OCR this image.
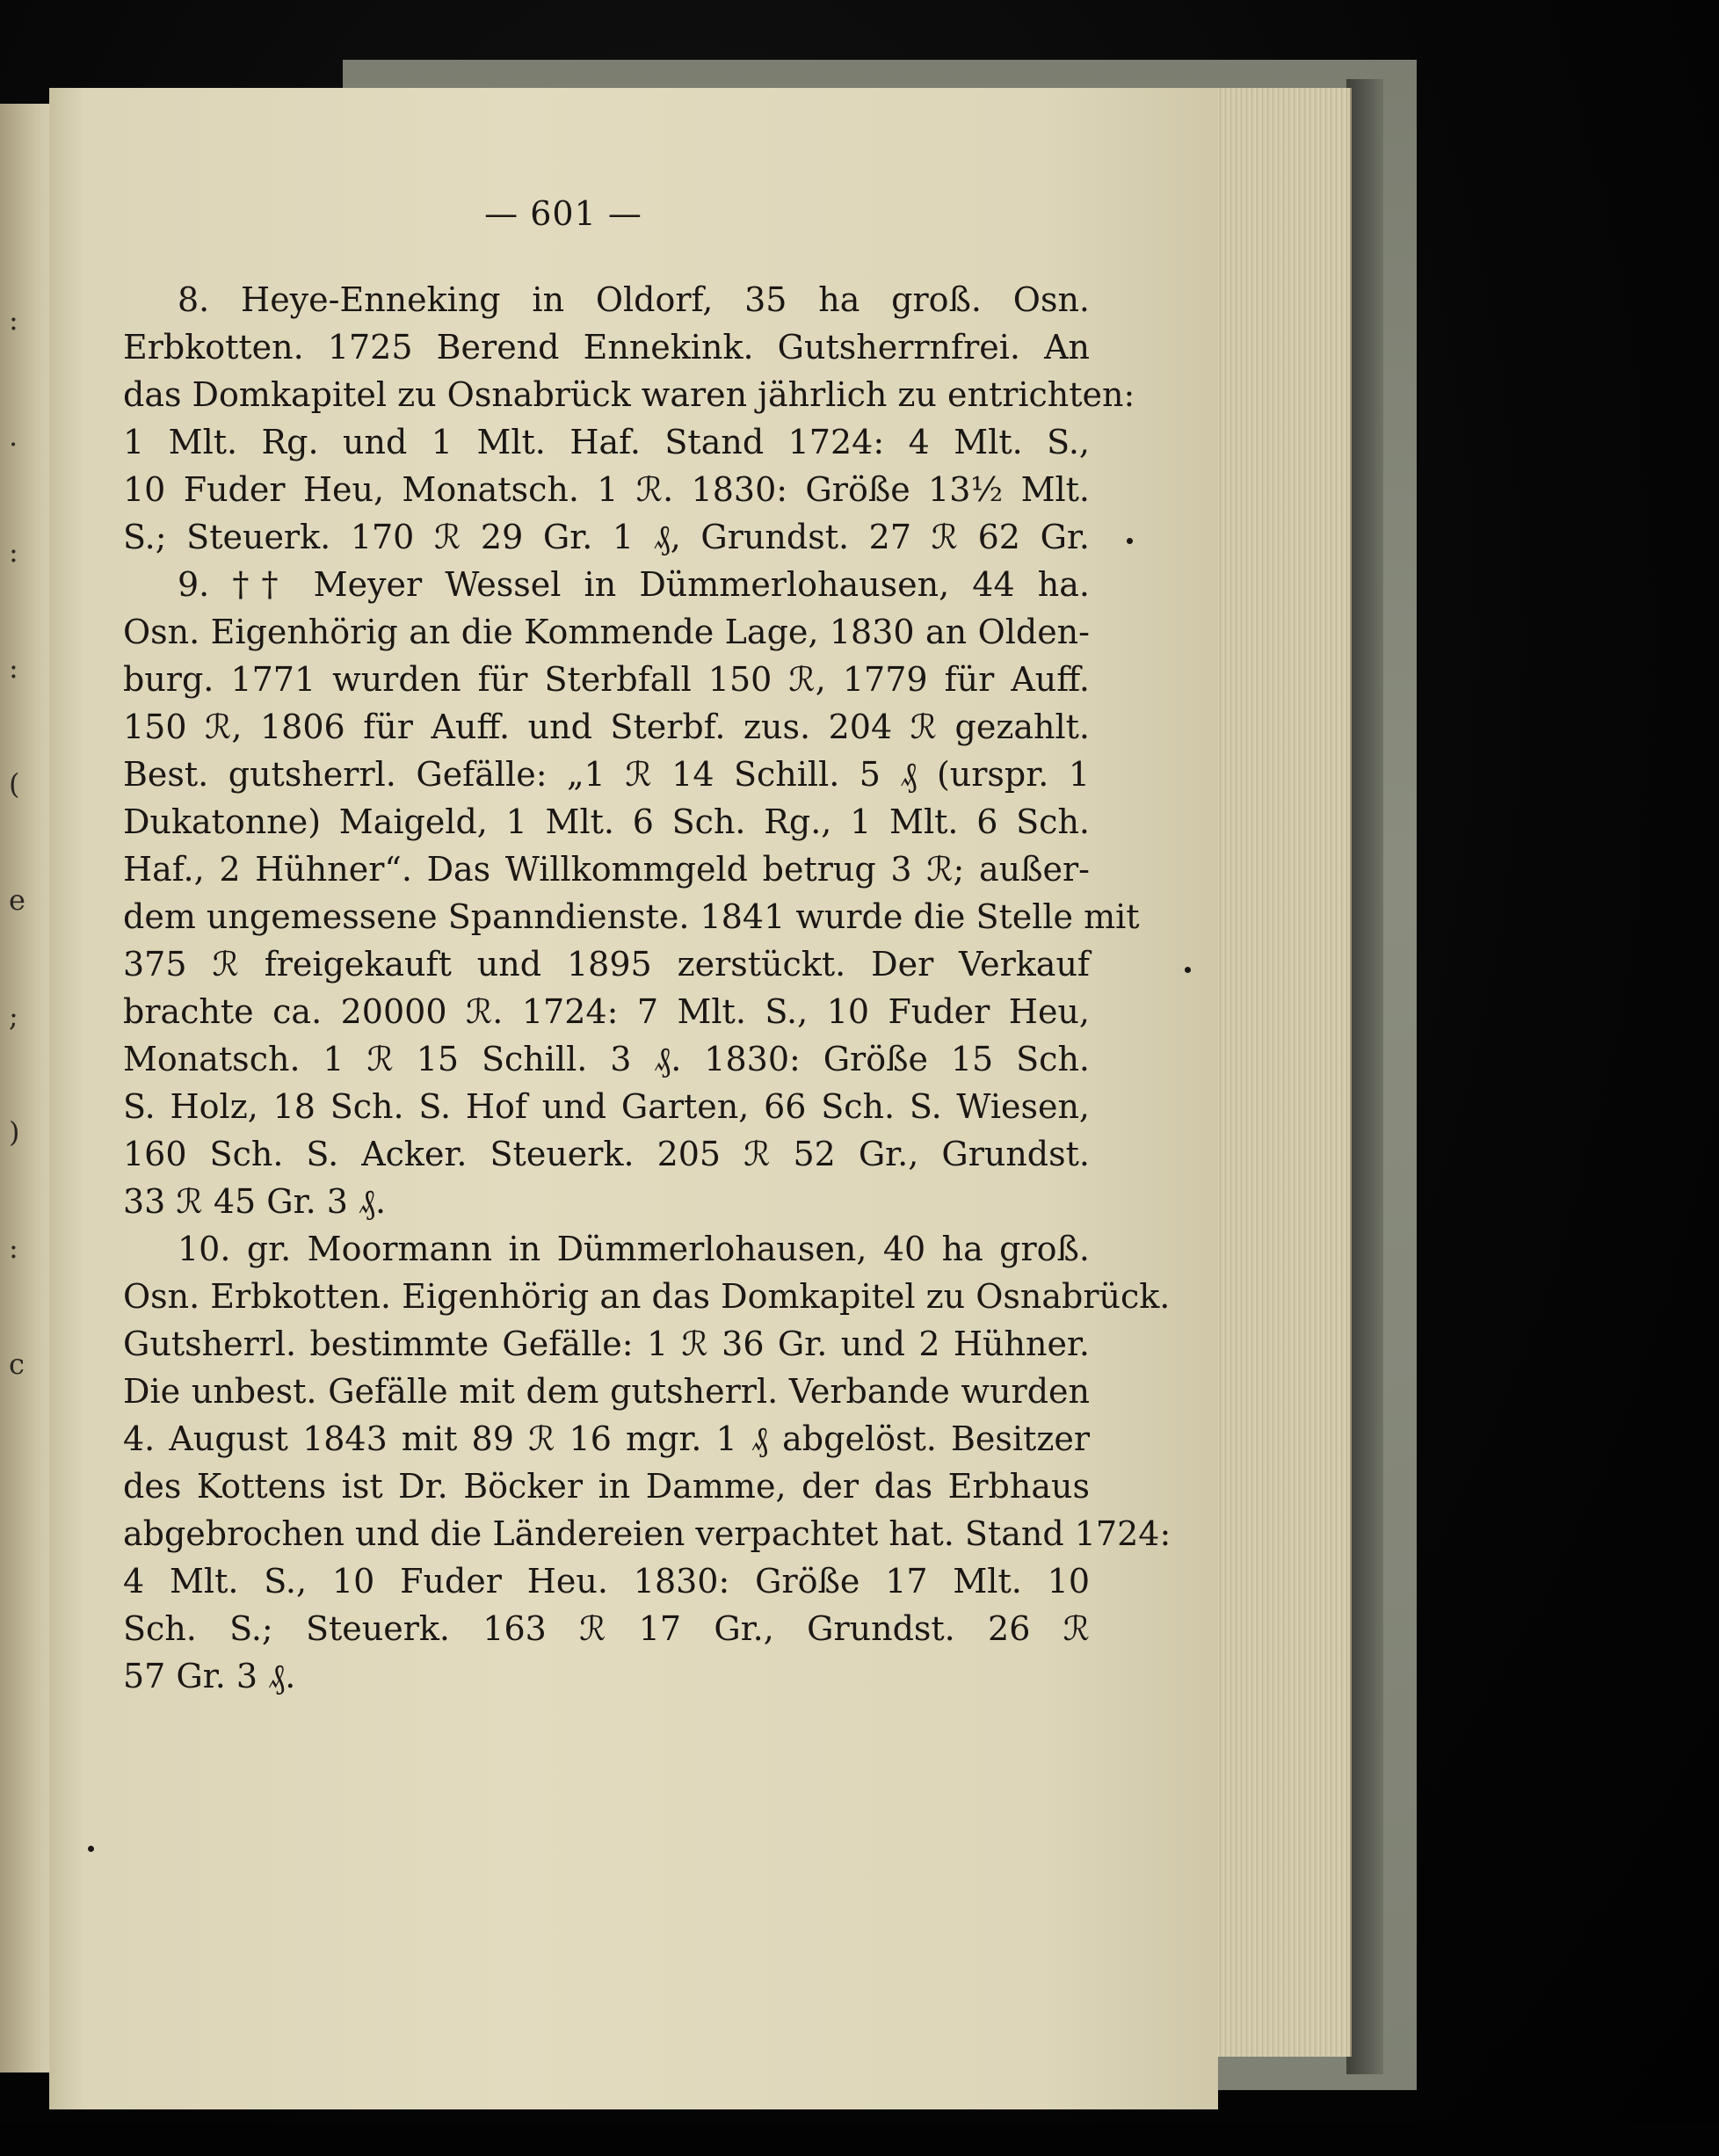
:
.
:
:
(
e
;
)
:
c
— 601 —
8. Heye-Enneking in Oldorf, 35 ha groß. Osn.
Erbkotten. 1725 Berend Ennekink. Gutsherrnfrei. An
das Domkapitel zu Osnabrück waren jährlich zu entrichten:
1 Mlt. Rg. und 1 Mlt. Haf. Stand 1724: 4 Mlt. S.,
10 Fuder Heu, Monatsch. 1 ℛ. 1830: Größe 13½ Mlt.
S.; Steuerk. 170 ℛ 29 Gr. 1 ₰, Grundst. 27 ℛ 62 Gr.
9. †† Meyer Wessel in Dümmerlohausen, 44 ha.
Osn. Eigenhörig an die Kommende Lage, 1830 an Olden-
burg. 1771 wurden für Sterbfall 150 ℛ, 1779 für Auff.
150 ℛ, 1806 für Auff. und Sterbf. zus. 204 ℛ gezahlt.
Best. gutsherrl. Gefälle: „1 ℛ 14 Schill. 5 ₰ (urspr. 1
Dukatonne) Maigeld, 1 Mlt. 6 Sch. Rg., 1 Mlt. 6 Sch.
Haf., 2 Hühner“. Das Willkommgeld betrug 3 ℛ; außer-
dem ungemessene Spanndienste. 1841 wurde die Stelle mit
375 ℛ freigekauft und 1895 zerstückt. Der Verkauf
brachte ca. 20000 ℛ. 1724: 7 Mlt. S., 10 Fuder Heu,
Monatsch. 1 ℛ 15 Schill. 3 ₰. 1830: Größe 15 Sch.
S. Holz, 18 Sch. S. Hof und Garten, 66 Sch. S. Wiesen,
160 Sch. S. Acker. Steuerk. 205 ℛ 52 Gr., Grundst.
33 ℛ 45 Gr. 3 ₰.
10. gr. Moormann in Dümmerlohausen, 40 ha groß.
Osn. Erbkotten. Eigenhörig an das Domkapitel zu Osnabrück.
Gutsherrl. bestimmte Gefälle: 1 ℛ 36 Gr. und 2 Hühner.
Die unbest. Gefälle mit dem gutsherrl. Verbande wurden
4. August 1843 mit 89 ℛ 16 mgr. 1 ₰ abgelöst. Besitzer
des Kottens ist Dr. Böcker in Damme, der das Erbhaus
abgebrochen und die Ländereien verpachtet hat. Stand 1724:
4 Mlt. S., 10 Fuder Heu. 1830: Größe 17 Mlt. 10
Sch. S.; Steuerk. 163 ℛ 17 Gr., Grundst. 26 ℛ
57 Gr. 3 ₰.
